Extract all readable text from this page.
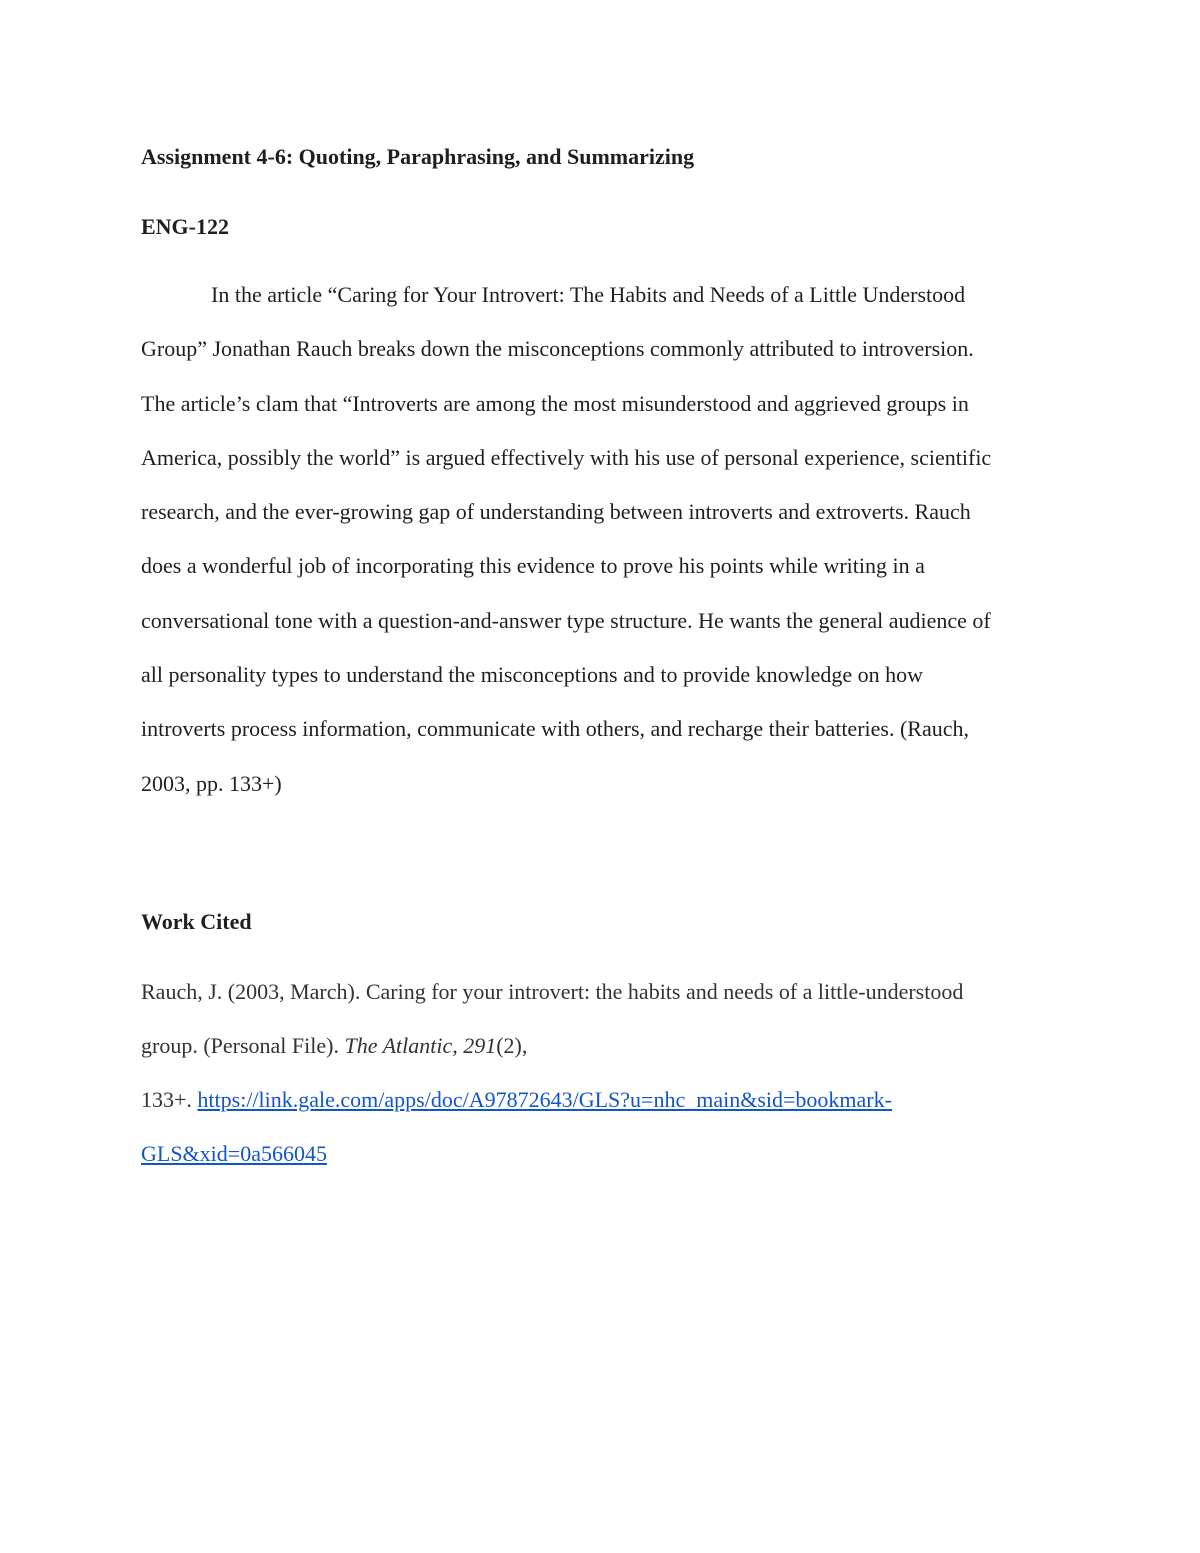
Assignment 4-6: Quoting, Paraphrasing, and Summarizing
ENG-122
In the article “Caring for Your Introvert: The Habits and Needs of a Little Understood
Group” Jonathan Rauch breaks down the misconceptions commonly attributed to introversion.
The article’s clam that “Introverts are among the most misunderstood and aggrieved groups in
America, possibly the world” is argued effectively with his use of personal experience, scientific
research, and the ever-growing gap of understanding between introverts and extroverts. Rauch
does a wonderful job of incorporating this evidence to prove his points while writing in a
conversational tone with a question-and-answer type structure. He wants the general audience of
all personality types to understand the misconceptions and to provide knowledge on how
introverts process information, communicate with others, and recharge their batteries. (Rauch,
2003, pp. 133+)
Work Cited
Rauch, J. (2003, March). Caring for your introvert: the habits and needs of a little-understood
group. (Personal File). The Atlantic, 291(2),
133+. https://link.gale.com/apps/doc/A97872643/GLS?u=nhc_main&sid=bookmark-
GLS&xid=0a566045
